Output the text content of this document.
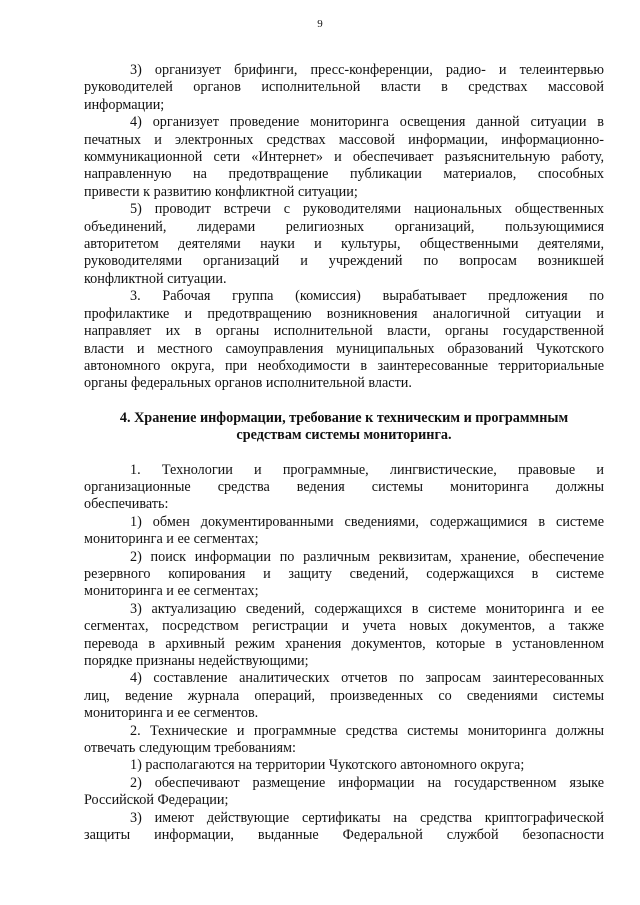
9
3) организует брифинги, пресс-конференции, радио- и телеинтервью
руководителей органов исполнительной власти в средствах массовой
информации;
4) организует проведение мониторинга освещения данной ситуации в
печатных и электронных средствах массовой информации, информационно-
коммуникационной сети «Интернет» и обеспечивает разъяснительную работу,
направленную на предотвращение публикации материалов, способных
привести к развитию конфликтной ситуации;
5) проводит встречи с руководителями национальных общественных
объединений, лидерами религиозных организаций, пользующимися
авторитетом деятелями науки и культуры, общественными деятелями,
руководителями организаций и учреждений по вопросам возникшей
конфликтной ситуации.
3. Рабочая группа (комиссия) вырабатывает предложения по
профилактике и предотвращению возникновения аналогичной ситуации и
направляет их в органы исполнительной власти, органы государственной
власти и местного самоуправления муниципальных образований Чукотского
автономного округа, при необходимости в заинтересованные территориальные
органы федеральных органов исполнительной власти.
4. Хранение информации, требование к техническим и программным
средствам системы мониторинга.
1. Технологии и программные, лингвистические, правовые и
организационные средства ведения системы мониторинга должны
обеспечивать:
1) обмен документированными сведениями, содержащимися в системе
мониторинга и ее сегментах;
2) поиск информации по различным реквизитам, хранение, обеспечение
резервного копирования и защиту сведений, содержащихся в системе
мониторинга и ее сегментах;
3) актуализацию сведений, содержащихся в системе мониторинга и ее
сегментах, посредством регистрации и учета новых документов, а также
перевода в архивный режим хранения документов, которые в установленном
порядке признаны недействующими;
4) составление аналитических отчетов по запросам заинтересованных
лиц, ведение журнала операций, произведенных со сведениями системы
мониторинга и ее сегментов.
2. Технические и программные средства системы мониторинга должны
отвечать следующим требованиям:
1) располагаются на территории Чукотского автономного округа;
2) обеспечивают размещение информации на государственном языке
Российской Федерации;
3) имеют действующие сертификаты на средства криптографической
защиты информации, выданные Федеральной службой безопасности
